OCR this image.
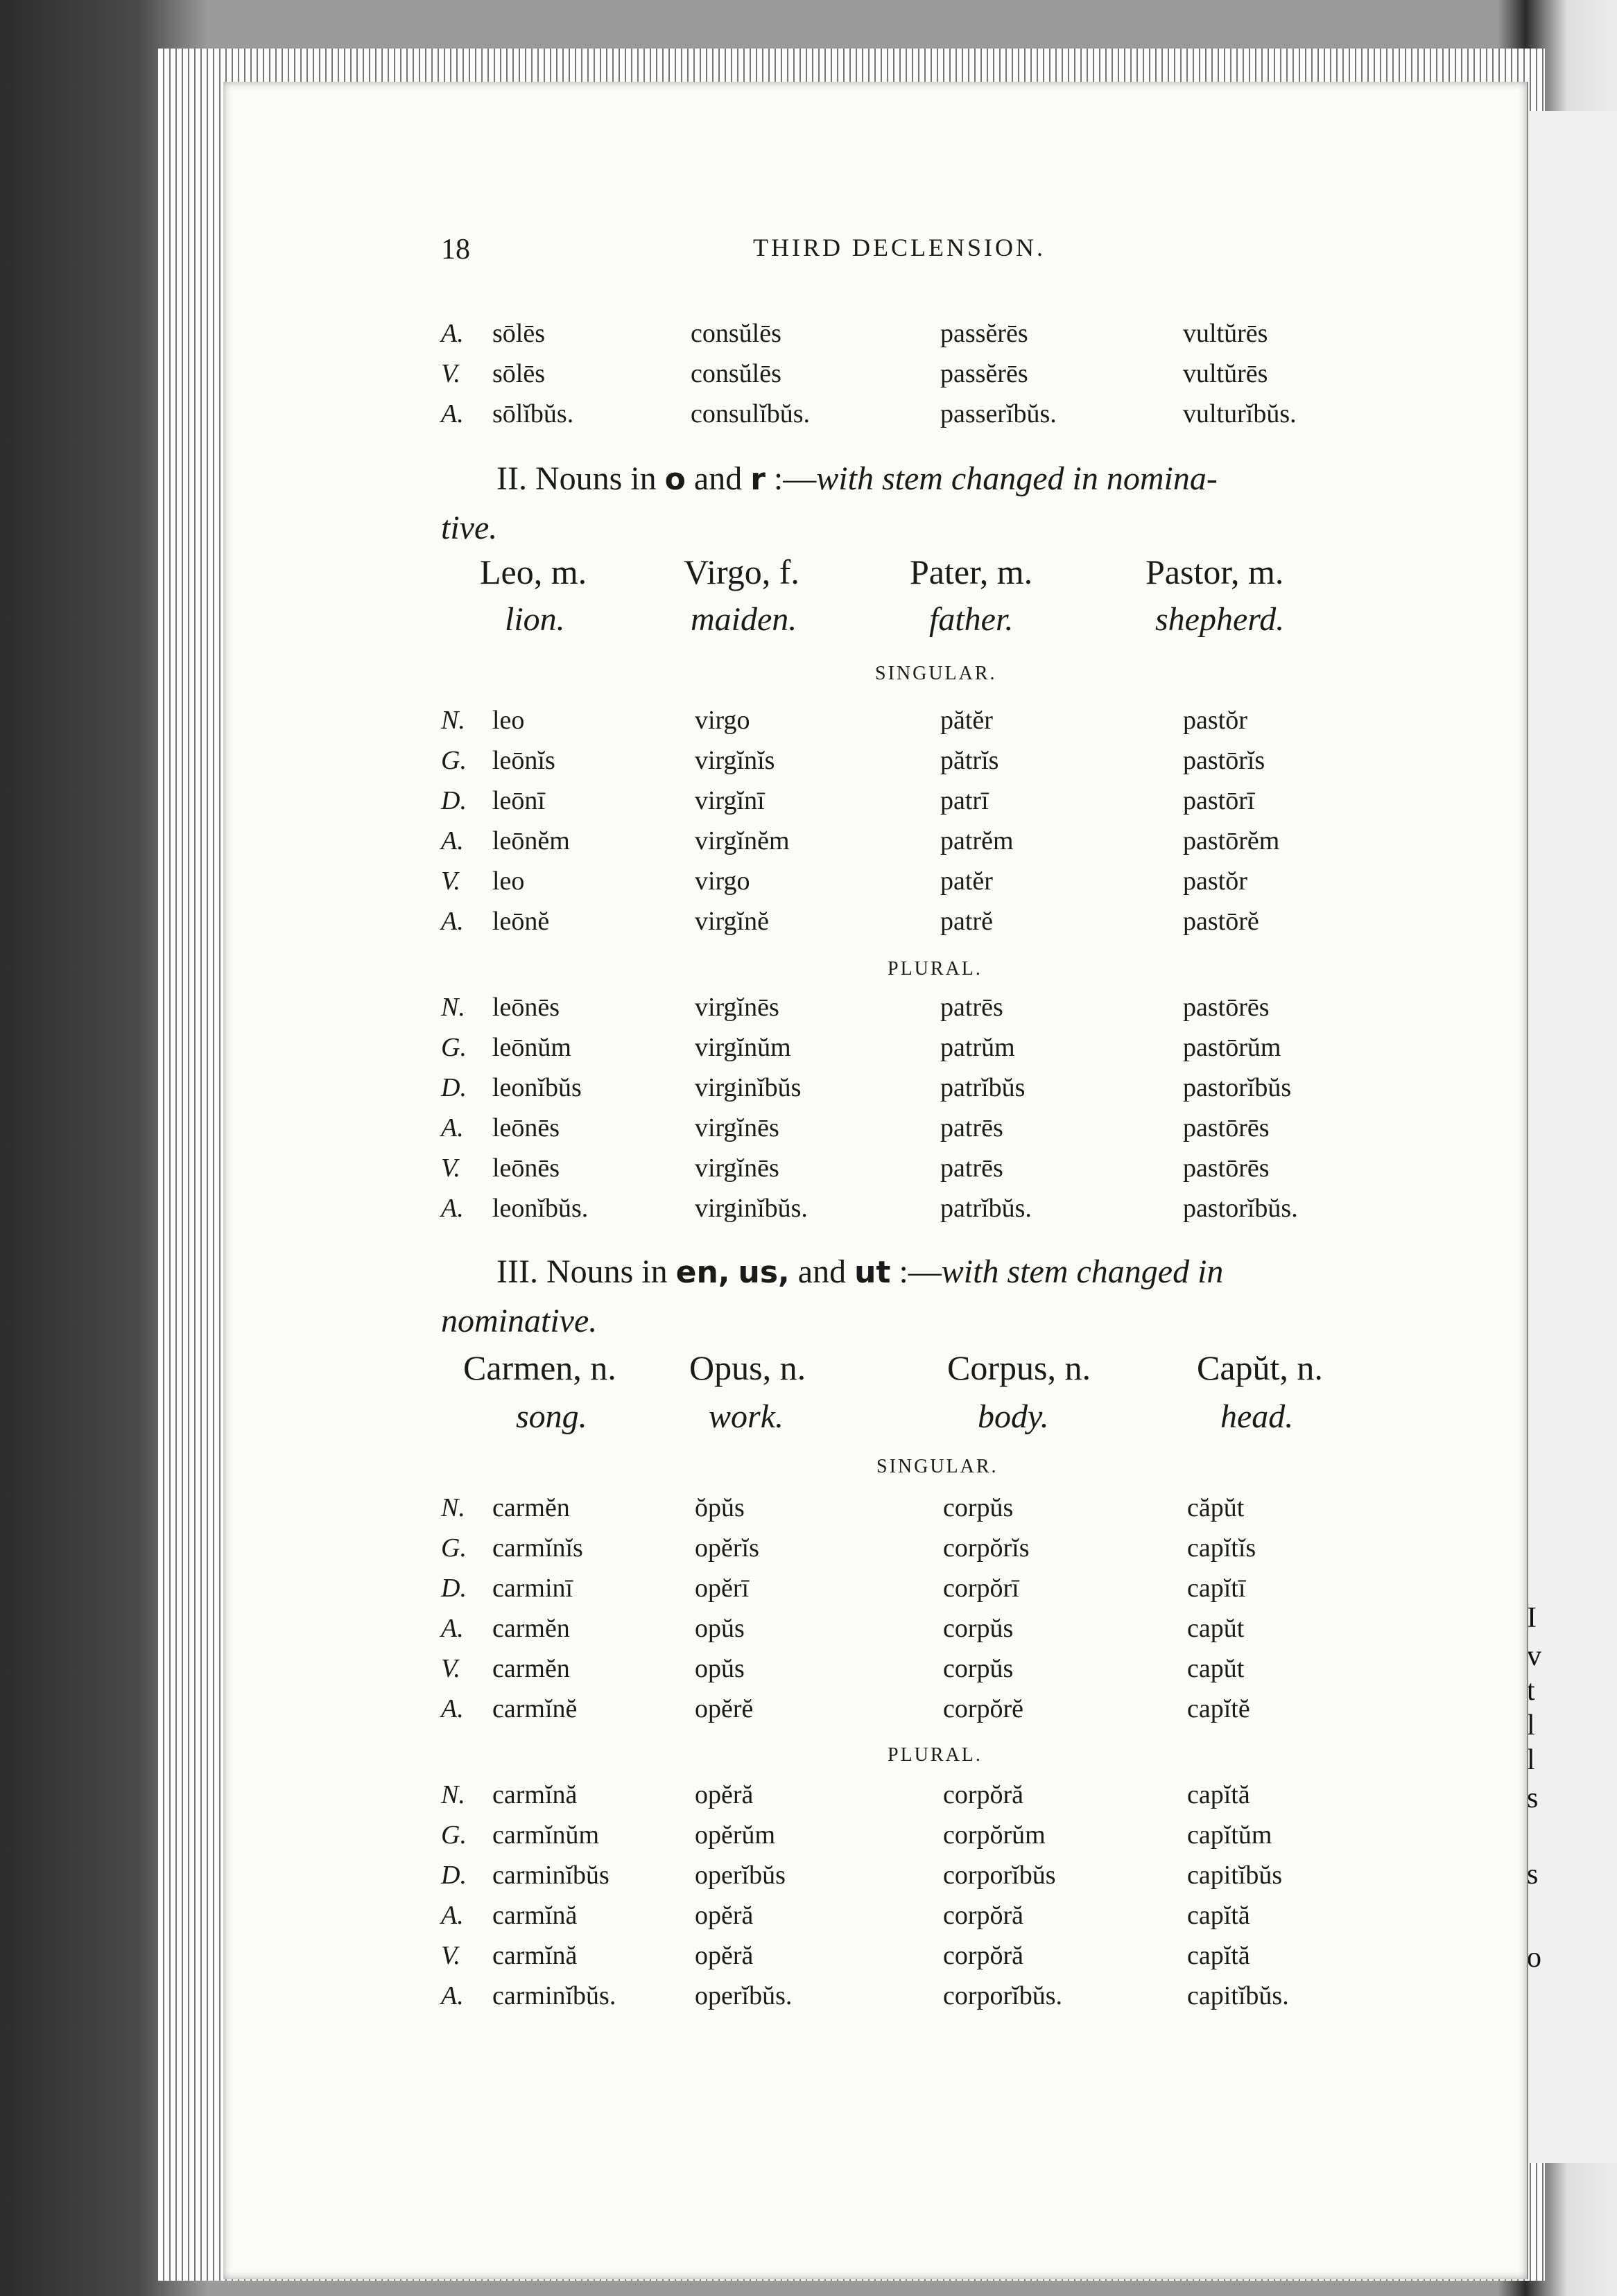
I
v
t
l
l
s
s
o
18	THIRD DECLENSION.
A. sōlēs	consŭlēs	passĕrēs	vultŭrēs
V. sōlēs	consŭlēs	passĕrēs	vultŭrēs
A. sōlĭbŭs.	consulĭbŭs.	passerĭbŭs.	vulturĭbŭs.
II. Nouns in o and r :—with stem changed in nomina-
tive.
Leo, m.	Virgo, f.	Pater, m.	Pastor, m.
lion.	maiden.	father.	shepherd.
SINGULAR.
N. leo	virgo	pătĕr	pastŏr
G. leōnĭs	virgĭnĭs	pătrĭs	pastōrĭs
D. leōnī	virgĭnī	patrī	pastōrī
A. leōnĕm	virgĭnĕm	patrĕm	pastōrĕm
V. leo	virgo	patĕr	pastŏr
A. leōnĕ	virgĭnĕ	patrĕ	pastōrĕ
PLURAL.
N. leōnēs	virgĭnēs	patrēs	pastōrēs
G. leōnŭm	virgĭnŭm	patrŭm	pastōrŭm
D. leonĭbŭs	virginĭbŭs	patrĭbŭs	pastorĭbŭs
A. leōnēs	virgĭnēs	patrēs	pastōrēs
V. leōnēs	virgĭnēs	patrēs	pastōrēs
A. leonĭbŭs.	virginĭbŭs.	patrĭbŭs.	pastorĭbŭs.
III. Nouns in en, us, and ut :—with stem changed in
nominative.
Carmen, n. Opus, n.	Corpus, n.	Capŭt, n.
song.	work.	body.	head.
SINGULAR.
N. carmĕn	ŏpŭs	corpŭs	căpŭt
G. carmĭnĭs	opĕrĭs	corpŏrĭs	capĭtĭs
D. carminī	opĕrī	corpŏrī	capĭtī
A. carmĕn	opŭs	corpŭs	capŭt
V. carmĕn	opŭs	corpŭs	capŭt
A. carmĭnĕ	opĕrĕ	corpŏrĕ	capĭtĕ
PLURAL.
N. carmĭnă	opĕră	corpŏră	capĭtă
G. carmĭnŭm	opĕrŭm	corpŏrŭm	capĭtŭm
D. carminĭbŭs	operĭbŭs	corporĭbŭs	capitĭbŭs
A. carmĭnă	opĕră	corpŏră	capĭtă
V. carmĭnă	opĕră	corpŏră	capĭtă
A. carminĭbŭs.	operĭbŭs.	corporĭbŭs.	capitĭbŭs.
